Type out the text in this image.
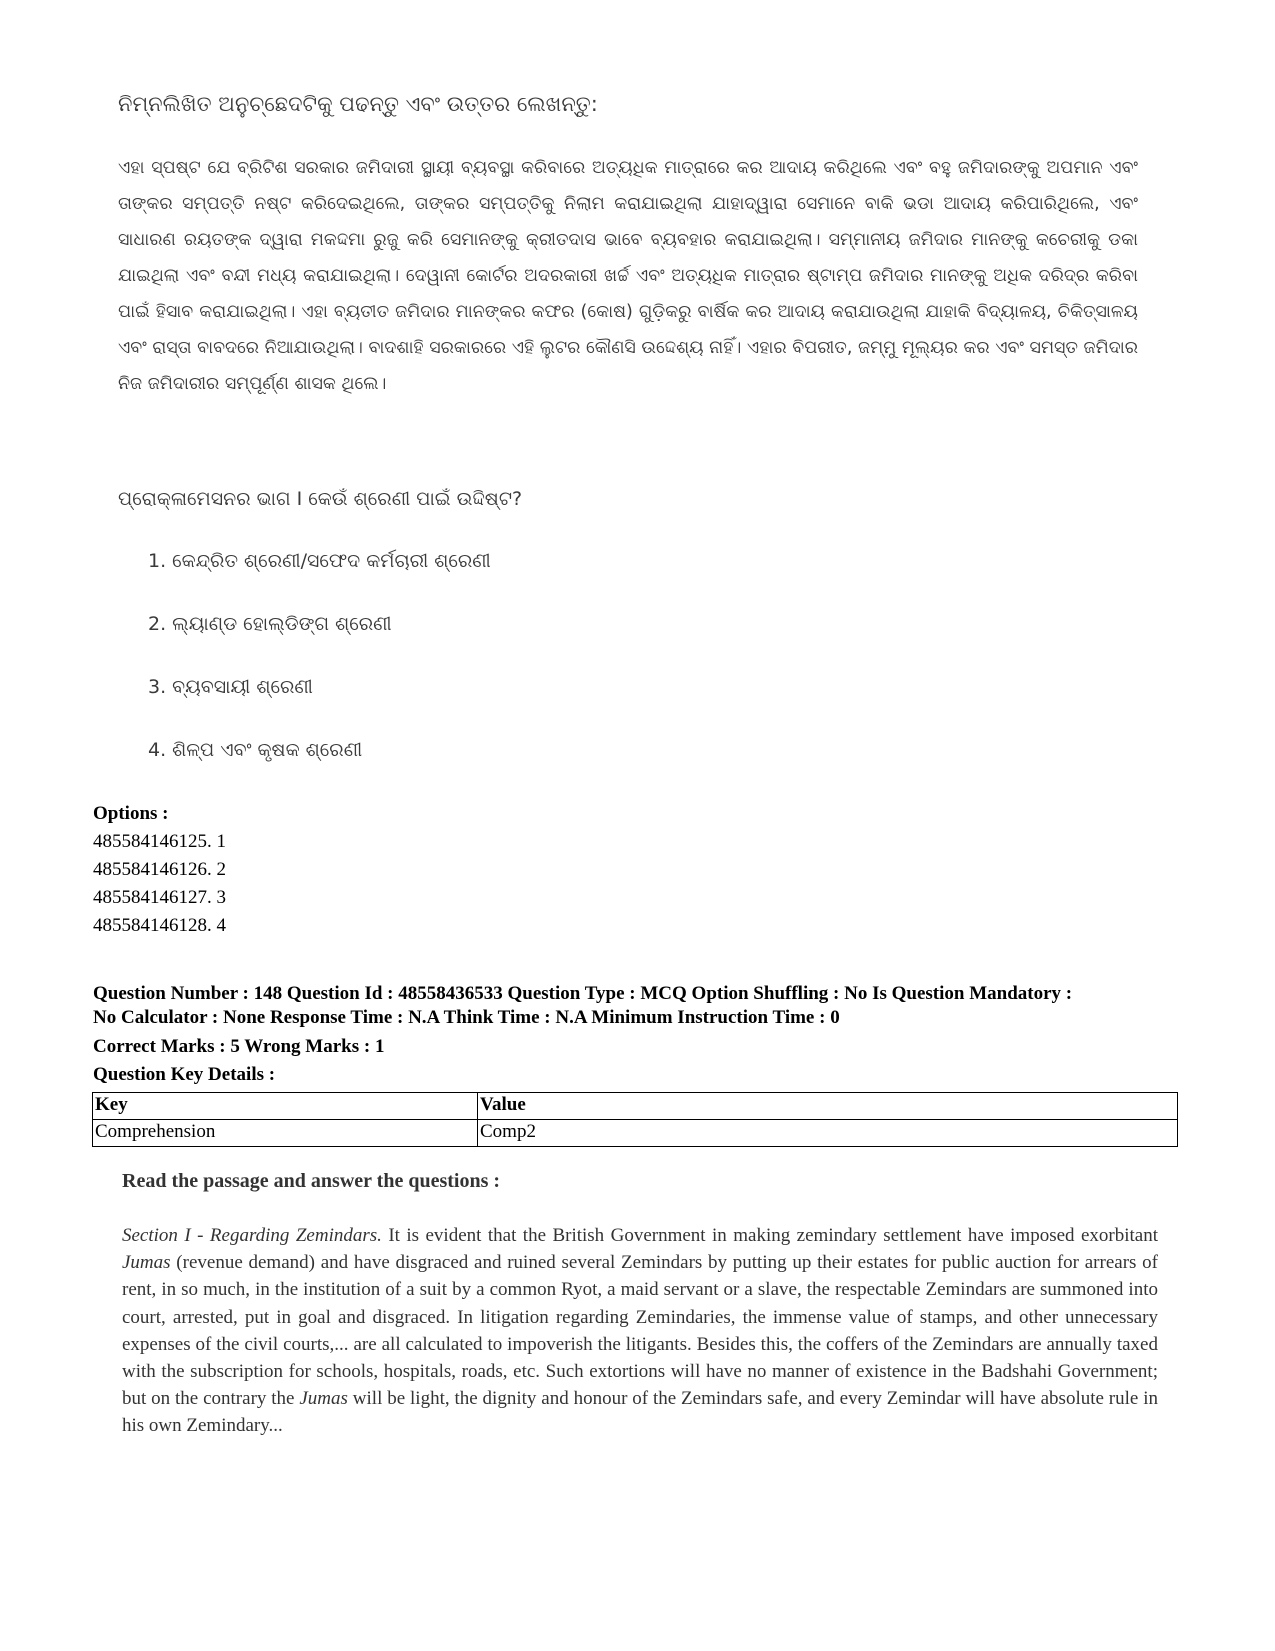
ନିମ୍ନଲିଖିତ ଅନୁଚ୍ଛେଦଟିକୁ ପଢନ୍ତୁ ଏବଂ ଉତ୍ତର ଲେଖନ୍ତୁ:
ଏହା ସ୍ପଷ୍ଟ ଯେ ବ୍ରିଟିଶ ସରକାର ଜମିଦାରୀ ସ୍ଥାୟୀ ବ୍ୟବସ୍ଥା କରିବାରେ ଅତ୍ୟଧିକ ମାତ୍ରାରେ କର ଆଦାୟ କରିଥିଲେ ଏବଂ ବହୁ ଜମିଦାରଙ୍କୁ ଅପମାନ ଏବଂ ତାଙ୍କର ସମ୍ପତ୍ତି ନଷ୍ଟ କରିଦେଇଥିଲେ, ତାଙ୍କର ସମ୍ପତ୍ତିକୁ ନିଲାମ କରାଯାଇଥିଲା ଯାହାଦ୍ୱାରା ସେମାନେ ବାକି ଭଡା ଆଦାୟ କରିପାରିଥିଲେ, ଏବଂ ସାଧାରଣ ରୟତଙ୍କ ଦ୍ୱାରା ମକଦ୍ଦମା ରୁଜୁ କରି ସେମାନଙ୍କୁ କ୍ରୀତଦାସ ଭାବେ ବ୍ୟବହାର କରାଯାଇଥିଲା। ସମ୍ମାନୀୟ ଜମିଦାର ମାନଙ୍କୁ କଚେରୀକୁ ଡକା ଯାଇଥିଲା ଏବଂ ବନ୍ଦୀ ମଧ୍ୟ କରାଯାଇଥିଲା। ଦେୱାନୀ କୋର୍ଟର ଅଦରକାରୀ ଖର୍ଚ୍ଚ ଏବଂ ଅତ୍ୟଧିକ ମାତ୍ରାର ଷ୍ଟାମ୍ପ ଜମିଦାର ମାନଙ୍କୁ ଅଧିକ ଦରିଦ୍ର କରିବା ପାଇଁ ହିସାବ କରାଯାଇଥିଲା। ଏହା ବ୍ୟତୀତ ଜମିଦାର ମାନଙ୍କର କଫର (କୋଷ) ଗୁଡ଼ିକରୁ ବାର୍ଷିକ କର ଆଦାୟ କରାଯାଉଥିଲା ଯାହାକି ବିଦ୍ୟାଳୟ, ଚିକିତ୍ସାଳୟ ଏବଂ ରାସ୍ତା ବାବଦରେ ନିଆଯାଉଥିଲା। ବାଦଶାହି ସରକାରରେ ଏହି ଲୁଟର କୌଣସି ଉଦ୍ଦେଶ୍ୟ ନାହିଁ। ଏହାର ବିପରୀତ, ଜମ୍ମୁ ମୂଲ୍ୟର କର ଏବଂ ସମସ୍ତ ଜମିଦାର ନିଜ ଜମିଦାରୀର ସମ୍ପୂର୍ଣ୍ଣ ଶାସକ ଥିଲେ।
ପ୍ରୋକ୍ଳାମେସନର ଭାଗ I କେଉଁ ଶ୍ରେଣୀ ପାଇଁ ଉଦ୍ଦିଷ୍ଟ?
1. କେନ୍ଦ୍ରିତ ଶ୍ରେଣୀ/ସଫେଦ କର୍ମଚାରୀ ଶ୍ରେଣୀ
2. ଲ୍ୟାଣ୍ଡ ହୋଲ୍ଡିଙ୍ଗ ଶ୍ରେଣୀ
3. ବ୍ୟବସାୟୀ ଶ୍ରେଣୀ
4. ଶିଳ୍ପ ଏବଂ କୃଷକ ଶ୍ରେଣୀ
Options :
485584146125. 1
485584146126. 2
485584146127. 3
485584146128. 4
Question Number : 148 Question Id : 48558436533 Question Type : MCQ Option Shuffling : No Is Question Mandatory :
No Calculator : None Response Time : N.A Think Time : N.A Minimum Instruction Time : 0
Correct Marks : 5 Wrong Marks : 1
Question Key Details :
Key	Value
Comprehension	Comp2
Read the passage and answer the questions :
Section I - Regarding Zemindars. It is evident that the British Government in making zemindary settlement have imposed exorbitant Jumas (revenue demand) and have disgraced and ruined several Zemindars by putting up their estates for public auction for arrears of rent, in so much, in the institution of a suit by a common Ryot, a maid servant or a slave, the respectable Zemindars are summoned into court, arrested, put in goal and disgraced. In litigation regarding Zemindaries, the immense value of stamps, and other unnecessary expenses of the civil courts,... are all calculated to impoverish the litigants. Besides this, the coffers of the Zemindars are annually taxed with the subscription for schools, hospitals, roads, etc. Such extortions will have no manner of existence in the Badshahi Government; but on the contrary the Jumas will be light, the dignity and honour of the Zemindars safe, and every Zemindar will have absolute rule in his own Zemindary...
